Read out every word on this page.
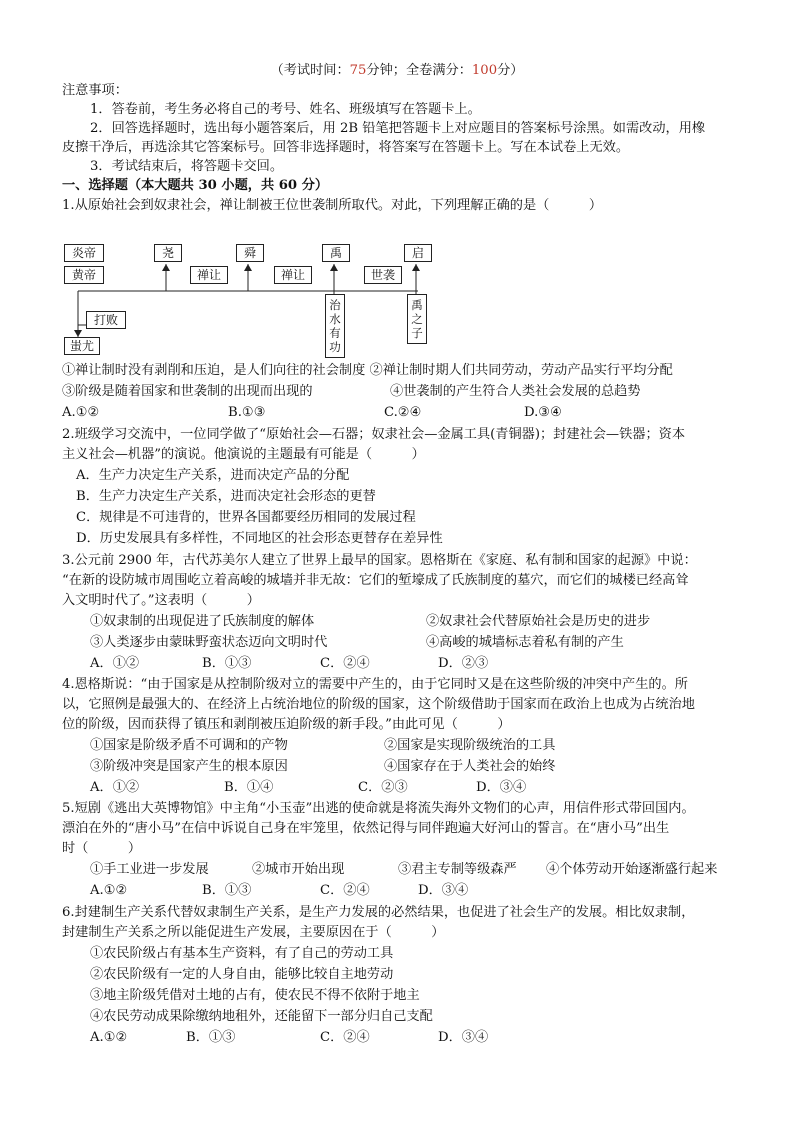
（考试时间：75分钟；全卷满分：100分）
注意事项：
1．答卷前，考生务必将自己的考号、姓名、班级填写在答题卡上。
2．回答选择题时，选出每小题答案后，用 2B 铅笔把答题卡上对应题目的答案标号涂黑。如需改动，用橡
皮擦干净后，再选涂其它答案标号。回答非选择题时，将答案写在答题卡上。写在本试卷上无效。
3．考试结束后，将答题卡交回。
一、选择题（本大题共 30 小题，共 60 分）
1.从原始社会到奴隶社会，禅让制被王位世袭制所取代。对此，下列理解正确的是（　　　）
炎帝
黄帝
尧	舜	禹	启
禅让	禅让	世袭
打败
蚩尤
治
水
有
功
禹
之
子
①禅让制时没有剥削和压迫，是人们向往的社会制度 ②禅让制时期人们共同劳动，劳动产品实行平均分配
③阶级是随着国家和世袭制的出现而出现的	④世袭制的产生符合人类社会发展的总趋势
A.①②	B.①③	C.②④	D.③④
2.班级学习交流中，一位同学做了“原始社会—石器；奴隶社会—金属工具(青铜器)；封建社会—铁器；资本
主义社会—机器”的演说。他演说的主题最有可能是（　　　）
A．生产力决定生产关系，进而决定产品的分配
B．生产力决定生产关系，进而决定社会形态的更替
C．规律是不可违背的，世界各国都要经历相同的发展过程
D．历史发展具有多样性，不同地区的社会形态更替存在差异性
3.公元前 2900 年，古代苏美尔人建立了世界上最早的国家。恩格斯在《家庭、私有制和国家的起源》中说：
“在新的设防城市周围屹立着高峻的城墙并非无故：它们的堑壕成了氏族制度的墓穴，而它们的城楼已经高耸
入文明时代了。”这表明（　　　）
①奴隶制的出现促进了氏族制度的解体	②奴隶社会代替原始社会是历史的进步
③人类逐步由蒙昧野蛮状态迈向文明时代	④高峻的城墙标志着私有制的产生
A．①②	B．①③	C．②④	D．②③
4.恩格斯说：“由于国家是从控制阶级对立的需要中产生的，由于它同时又是在这些阶级的冲突中产生的。所
以，它照例是最强大的、在经济上占统治地位的阶级的国家，这个阶级借助于国家而在政治上也成为占统治地
位的阶级，因而获得了镇压和剥削被压迫阶级的新手段。”由此可见（　　　）
①国家是阶级矛盾不可调和的产物	②国家是实现阶级统治的工具
③阶级冲突是国家产生的根本原因	④国家存在于人类社会的始终
A．①②	B．①④	C．②③	D．③④
5.短剧《逃出大英博物馆》中主角“小玉壶”出逃的使命就是将流失海外文物们的心声，用信件形式带回国内。
漂泊在外的“唐小马”在信中诉说自己身在牢笼里，依然记得与同伴跑遍大好河山的誓言。在“唐小马”出生
时（　　　）
①手工业进一步发展	②城市开始出现	③君主专制等级森严 ④个体劳动开始逐渐盛行起来
A.①②	B．①③	C．②④	D．③④
6.封建制生产关系代替奴隶制生产关系，是生产力发展的必然结果，也促进了社会生产的发展。相比奴隶制，
封建制生产关系之所以能促进生产发展，主要原因在于（　　　）
①农民阶级占有基本生产资料，有了自己的劳动工具
②农民阶级有一定的人身自由，能够比较自主地劳动
③地主阶级凭借对土地的占有，使农民不得不依附于地主
④农民劳动成果除缴纳地租外，还能留下一部分归自己支配
A.①②	B．①③	C．②④	D．③④
